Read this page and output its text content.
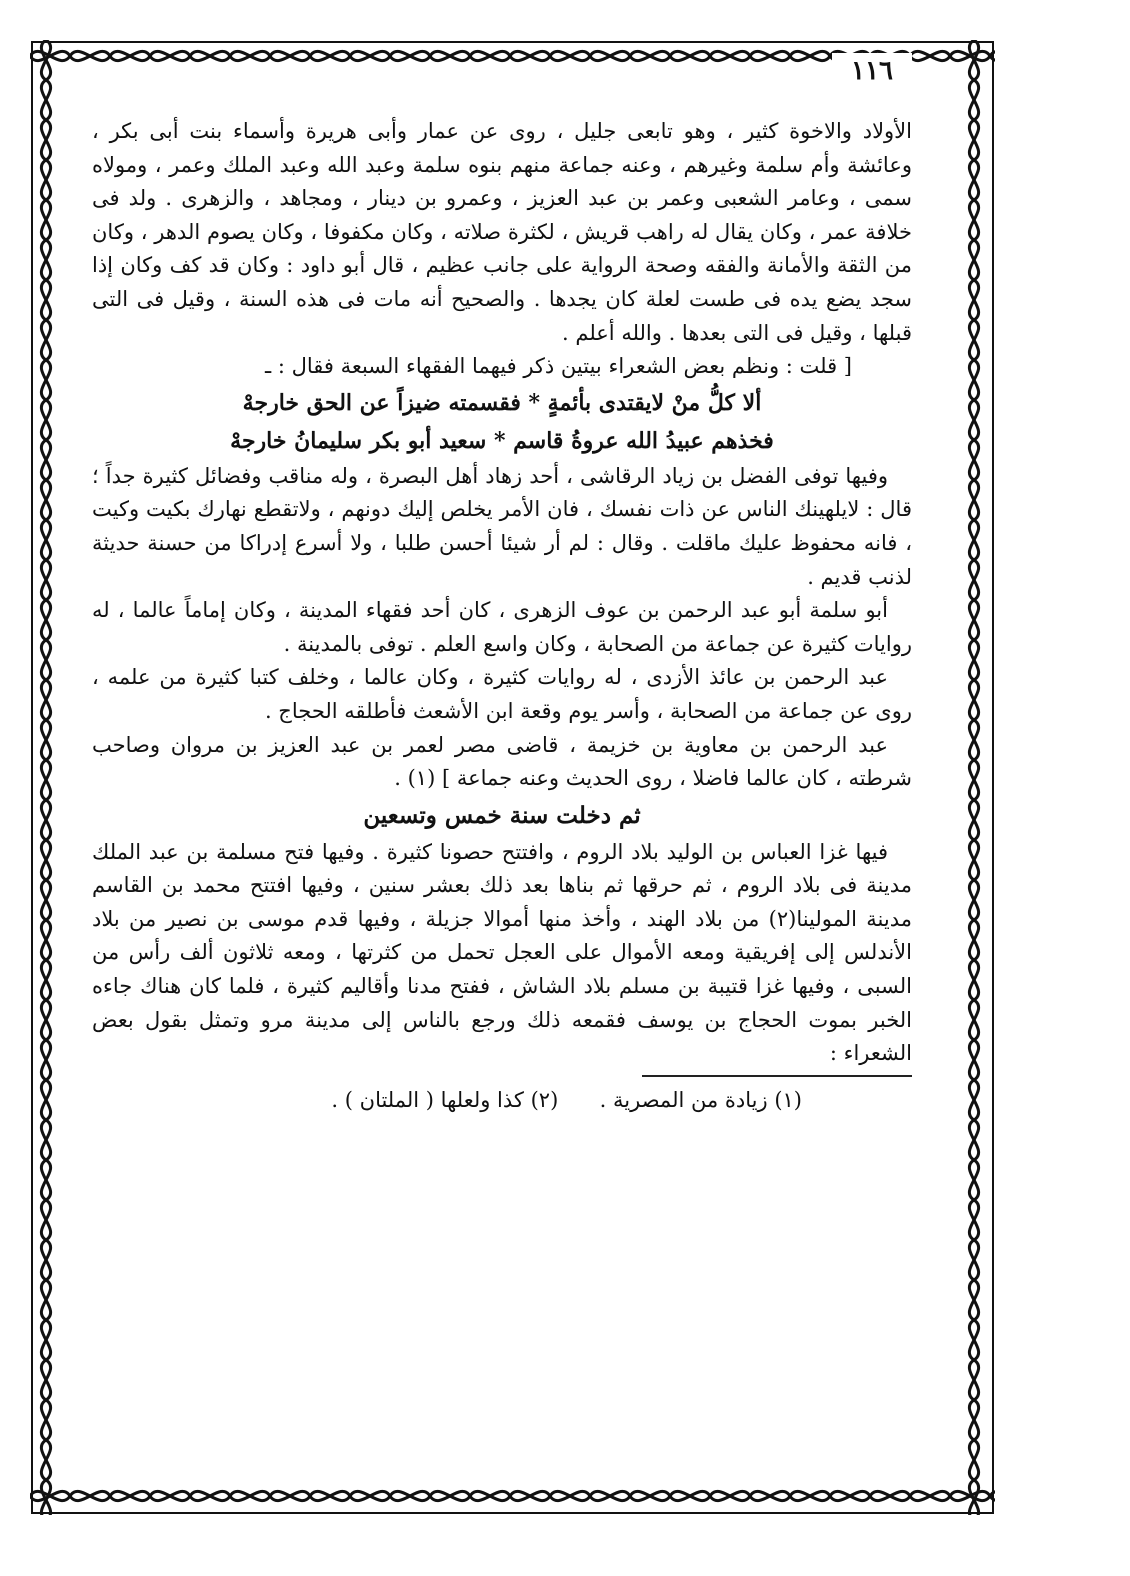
١١٦

الأولاد والاخوة كثير ، وهو تابعى جليل ، روى عن عمار وأبى هريرة وأسماء بنت أبى بكر ، وعائشة وأم سلمة وغيرهم ، وعنه جماعة منهم بنوه سلمة وعبد الله وعبد الملك وعمر ، ومولاه سمى ، وعامر الشعبى وعمر بن عبد العزيز ، وعمرو بن دينار ، ومجاهد ، والزهرى . ولد فى خلافة عمر ، وكان يقال له راهب قريش ، لكثرة صلاته ، وكان مكفوفا ، وكان يصوم الدهر ، وكان من الثقة والأمانة والفقه وصحة الرواية على جانب عظيم ، قال أبو داود : وكان قد كف وكان إذا سجد يضع يده فى طست لعلة كان يجدها . والصحيح أنه مات فى هذه السنة ، وقيل فى التى قبلها ، وقيل فى التى بعدها . والله أعلم .

[ قلت : ونظم بعض الشعراء بيتين ذكر فيهما الفقهاء السبعة فقال : ـ

ألا كلُّ منْ لايقتدى بأئمةٍ * فقسمته ضيزاً عن الحق خارجهْ

فخذهم عبيدُ الله عروةُ قاسم * سعيد أبو بكر سليمانُ خارجهْ

وفيها توفى الفضل بن زياد الرقاشى ، أحد زهاد أهل البصرة ، وله مناقب وفضائل كثيرة جداً ؛ قال : لايلهينك الناس عن ذات نفسك ، فان الأمر يخلص إليك دونهم ، ولاتقطع نهارك بكيت وكيت ، فانه محفوظ عليك ماقلت . وقال : لم أر شيئا أحسن طلبا ، ولا أسرع إدراكا من حسنة حديثة لذنب قديم .

أبو سلمة أبو عبد الرحمن بن عوف الزهرى ، كان أحد فقهاء المدينة ، وكان إماماً عالما ، له روايات كثيرة عن جماعة من الصحابة ، وكان واسع العلم . توفى بالمدينة .

عبد الرحمن بن عائذ الأزدى ، له روايات كثيرة ، وكان عالما ، وخلف كتبا كثيرة من علمه ، روى عن جماعة من الصحابة ، وأسر يوم وقعة ابن الأشعث فأطلقه الحجاج .

عبد الرحمن بن معاوية بن خزيمة ، قاضى مصر لعمر بن عبد العزيز بن مروان وصاحب شرطته ، كان عالما فاضلا ، روى الحديث وعنه جماعة ] (١) .

ثم دخلت سنة خمس وتسعين

فيها غزا العباس بن الوليد بلاد الروم ، وافتتح حصونا كثيرة . وفيها فتح مسلمة بن عبد الملك مدينة فى بلاد الروم ، ثم حرقها ثم بناها بعد ذلك بعشر سنين ، وفيها افتتح محمد بن القاسم مدينة المولينا(٢) من بلاد الهند ، وأخذ منها أموالا جزيلة ، وفيها قدم موسى بن نصير من بلاد الأندلس إلى إفريقية ومعه الأموال على العجل تحمل من كثرتها ، ومعه ثلاثون ألف رأس من السبى ، وفيها غزا قتيبة بن مسلم بلاد الشاش ، ففتح مدنا وأقاليم كثيرة ، فلما كان هناك جاءه الخبر بموت الحجاج بن يوسف فقمعه ذلك ورجع بالناس إلى مدينة مرو وتمثل بقول بعض الشعراء :

(١) زيادة من المصرية .     (٢) كذا ولعلها ( الملتان ) .
